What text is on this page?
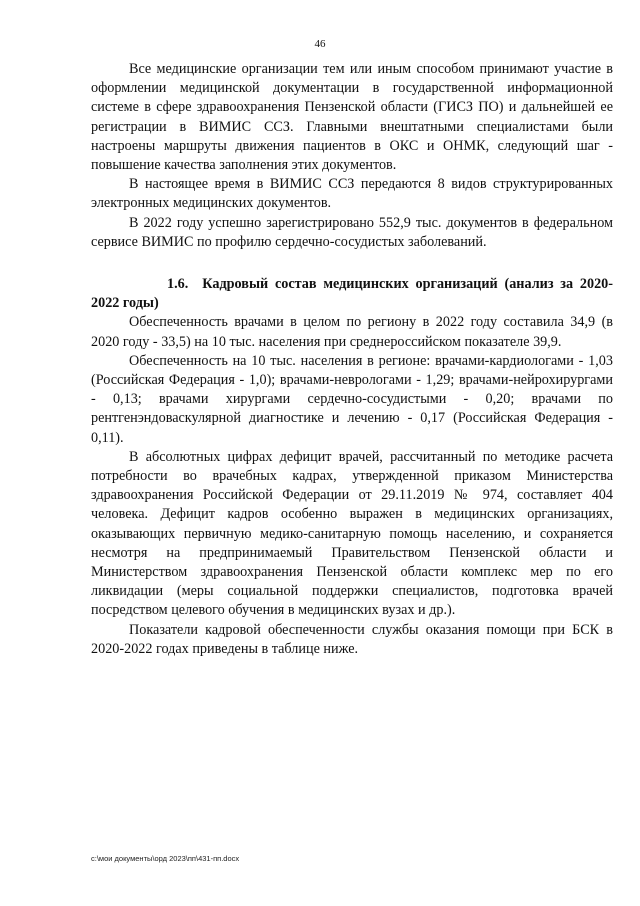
46

Все медицинские организации тем или иным способом принимают участие в оформлении медицинской документации в государственной информационной системе в сфере здравоохранения Пензенской области (ГИСЗ ПО) и дальнейшей ее регистрации в ВИМИС ССЗ. Главными внештатными специалистами были настроены маршруты движения пациентов в ОКС и ОНМК, следующий шаг - повышение качества заполнения этих документов.

В настоящее время в ВИМИС ССЗ передаются 8 видов структурированных электронных медицинских документов.

В 2022 году успешно зарегистрировано 552,9 тыс. документов в федеральном сервисе ВИМИС по профилю сердечно-сосудистых заболеваний.

1.6. Кадровый состав медицинских организаций (анализ за 2020-2022 годы)

Обеспеченность врачами в целом по региону в 2022 году составила 34,9 (в 2020 году - 33,5) на 10 тыс. населения при среднероссийском показателе 39,9.

Обеспеченность на 10 тыс. населения в регионе: врачами-кардиологами - 1,03 (Российская Федерация - 1,0); врачами-неврологами - 1,29; врачами-нейрохирургами - 0,13; врачами хирургами сердечно-сосудистыми - 0,20; врачами по рентгенэндоваскулярной диагностике и лечению - 0,17 (Российская Федерация - 0,11).

В абсолютных цифрах дефицит врачей, рассчитанный по методике расчета потребности во врачебных кадрах, утвержденной приказом Министерства здравоохранения Российской Федерации от 29.11.2019 № 974, составляет 404 человека. Дефицит кадров особенно выражен в медицинских организациях, оказывающих первичную медико-санитарную помощь населению, и сохраняется несмотря на предпринимаемый Правительством Пензенской области и Министерством здравоохранения Пензенской области комплекс мер по его ликвидации (меры социальной поддержки специалистов, подготовка врачей посредством целевого обучения в медицинских вузах и др.).

Показатели кадровой обеспеченности службы оказания помощи при БСК в 2020-2022 годах приведены в таблице ниже.

c:\мои документы\орд 2023\пп\431-пп.docx
